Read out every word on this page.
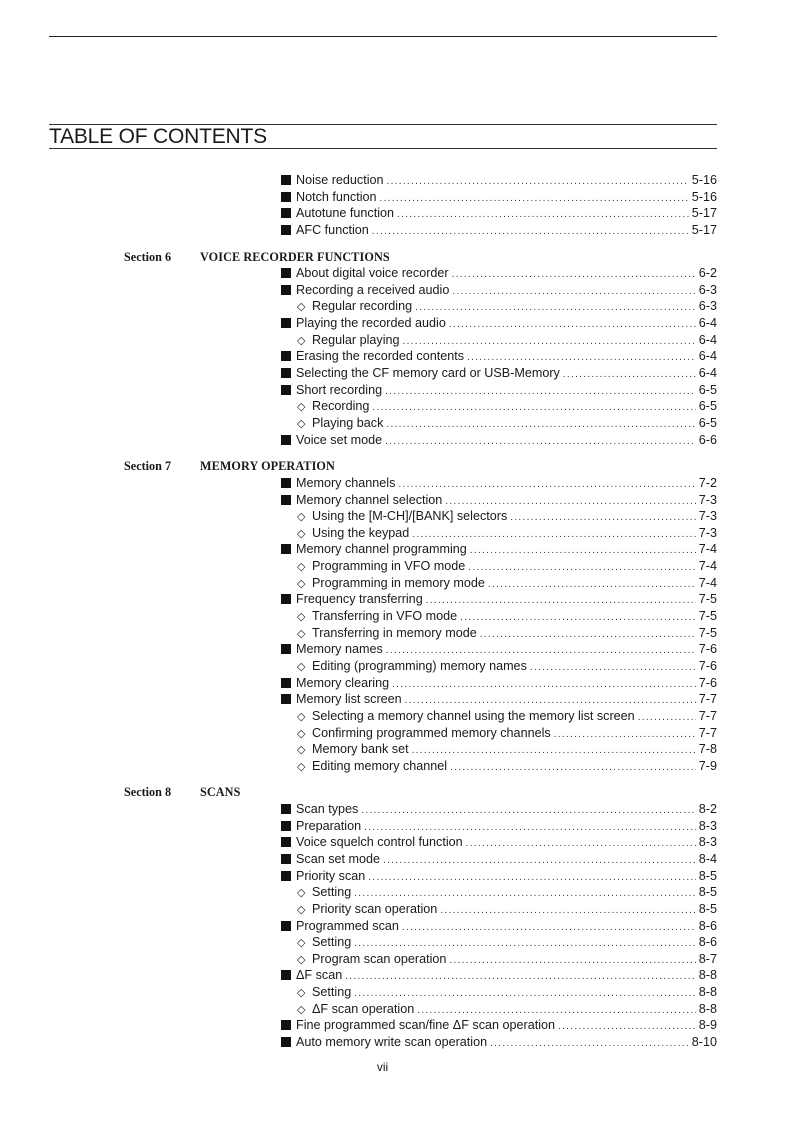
TABLE OF CONTENTS
Noise reduction .....	5-16
Notch function .....	5-16
Autotune function .....	5-17
AFC function .....	5-17
Section 6 VOICE RECORDER FUNCTIONS
About digital voice recorder .....	6-2
Recording a received audio .....	6-3
◇ Regular recording .....	6-3
Playing the recorded audio .....	6-4
◇ Regular playing .....	6-4
Erasing the recorded contents .....	6-4
Selecting the CF memory card or USB-Memory .....	6-4
Short recording .....	6-5
◇ Recording .....	6-5
◇ Playing back .....	6-5
Voice set mode .....	6-6
Section 7 MEMORY OPERATION
Memory channels .....	7-2
Memory channel selection .....	7-3
◇ Using the [M-CH]/[BANK] selectors .....	7-3
◇ Using the keypad .....	7-3
Memory channel programming .....	7-4
◇ Programming in VFO mode .....	7-4
◇ Programming in memory mode .....	7-4
Frequency transferring .....	7-5
◇ Transferring in VFO mode .....	7-5
◇ Transferring in memory mode .....	7-5
Memory names .....	7-6
◇ Editing (programming) memory names .....	7-6
Memory clearing .....	7-6
Memory list screen .....	7-7
◇ Selecting a memory channel using the memory list screen .....	7-7
◇ Confirming programmed memory channels .....	7-7
◇ Memory bank set .....	7-8
◇ Editing memory channel .....	7-9
Section 8 SCANS
Scan types .....	8-2
Preparation .....	8-3
Voice squelch control function .....	8-3
Scan set mode .....	8-4
Priority scan .....	8-5
◇ Setting .....	8-5
◇ Priority scan operation .....	8-5
Programmed scan .....	8-6
◇ Setting .....	8-6
◇ Program scan operation .....	8-7
ΔF scan .....	8-8
◇ Setting .....	8-8
◇ ΔF scan operation .....	8-8
Fine programmed scan/fine ΔF scan operation .....	8-9
Auto memory write scan operation .....	8-10
vii
